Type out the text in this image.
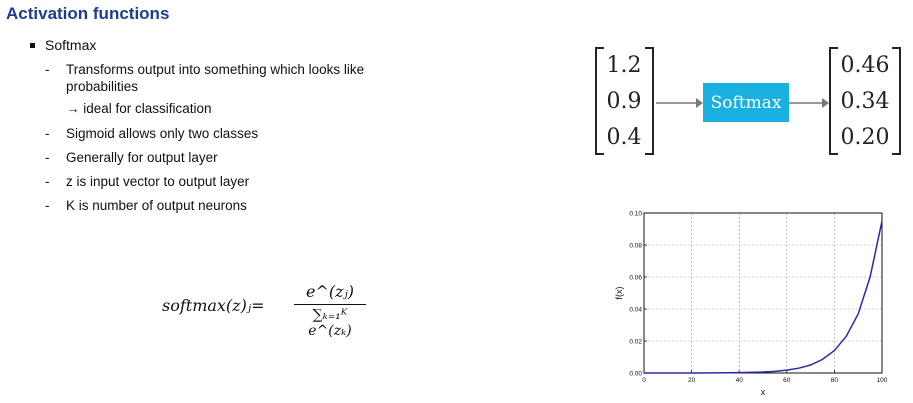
Activation functions
Softmax
- Transforms output into something which looks like
probabilities
→ ideal for classification
- Sigmoid allows only two classes
- Generally for output layer
- z is input vector to output layer
- K is number of output neurons
softmax(z)ⱼ=
e^(zⱼ)
∑ₖ₌₁ᴷ e^(zₖ)
1.2
0.9
0.4
Softmax
0.46
0.34
0.20
0	20	40	60	80	100
0.00
0.02
0.04
0.06
0.08
0.10
x
f(x)
